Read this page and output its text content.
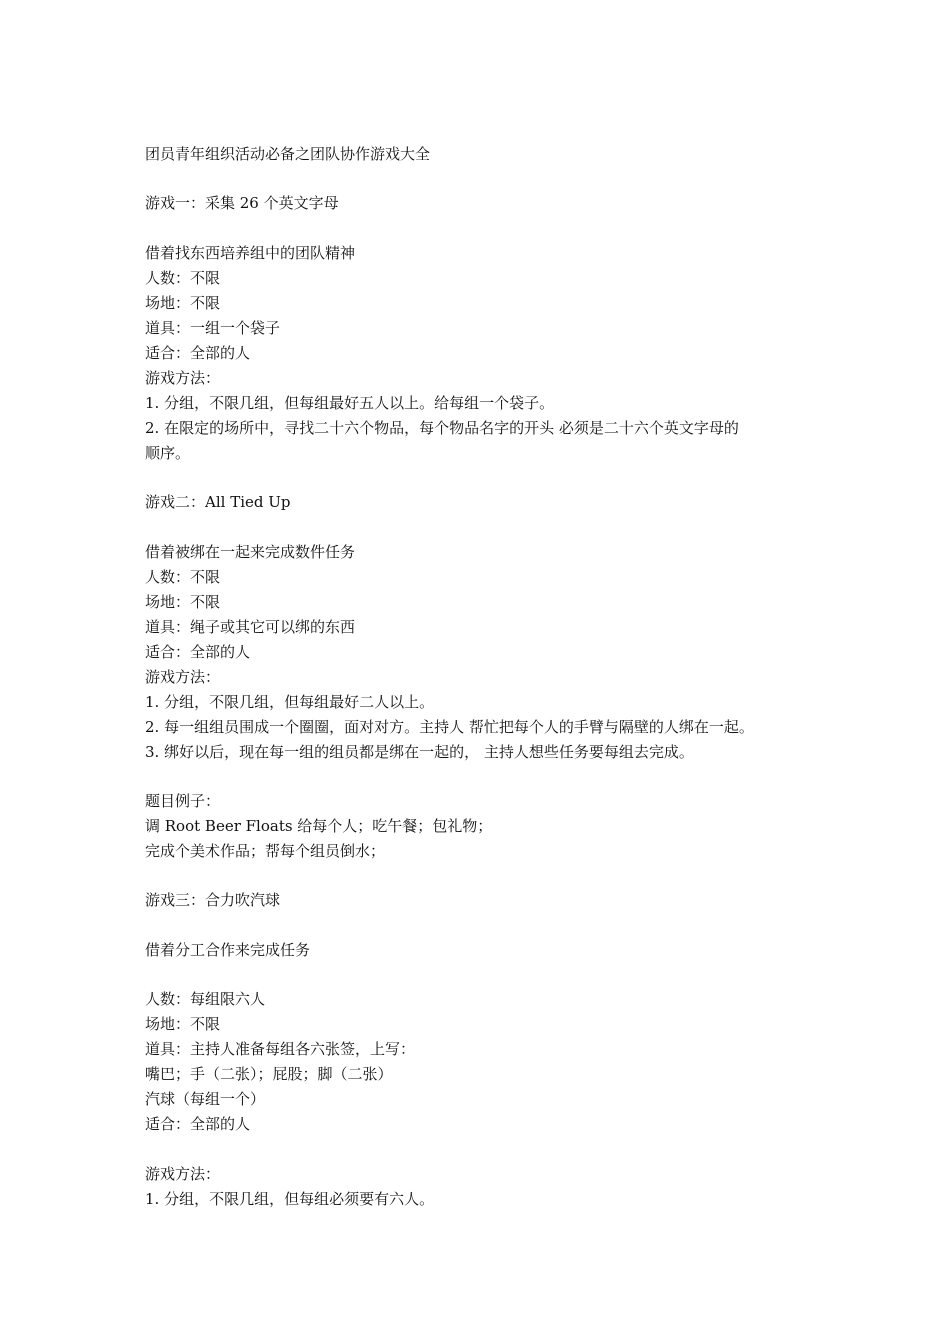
团员青年组织活动必备之团队协作游戏大全
游戏一：采集 26 个英文字母
借着找东西培养组中的团队精神
人数：不限
场地：不限
道具：一组一个袋子
适合：全部的人
游戏方法：
1. 分组，不限几组，但每组最好五人以上。给每组一个袋子。
2. 在限定的场所中，寻找二十六个物品，每个物品名字的开头 必须是二十六个英文字母的
顺序。
游戏二：All Tied Up
借着被绑在一起来完成数件任务
人数：不限
场地：不限
道具：绳子或其它可以绑的东西
适合：全部的人
游戏方法：
1. 分组，不限几组，但每组最好二人以上。
2. 每一组组员围成一个圈圈，面对对方。主持人 帮忙把每个人的手臂与隔壁的人绑在一起。
3. 绑好以后，现在每一组的组员都是绑在一起的， 主持人想些任务要每组去完成。
题目例子：
调 Root Beer Floats 给每个人；吃午餐；包礼物；
完成个美术作品；帮每个组员倒水；
游戏三：合力吹汽球
借着分工合作来完成任务
人数：每组限六人
场地：不限
道具：主持人准备每组各六张签，上写：
嘴巴；手（二张）；屁股；脚（二张）
汽球（每组一个）
适合：全部的人
游戏方法：
1. 分组，不限几组，但每组必须要有六人。
